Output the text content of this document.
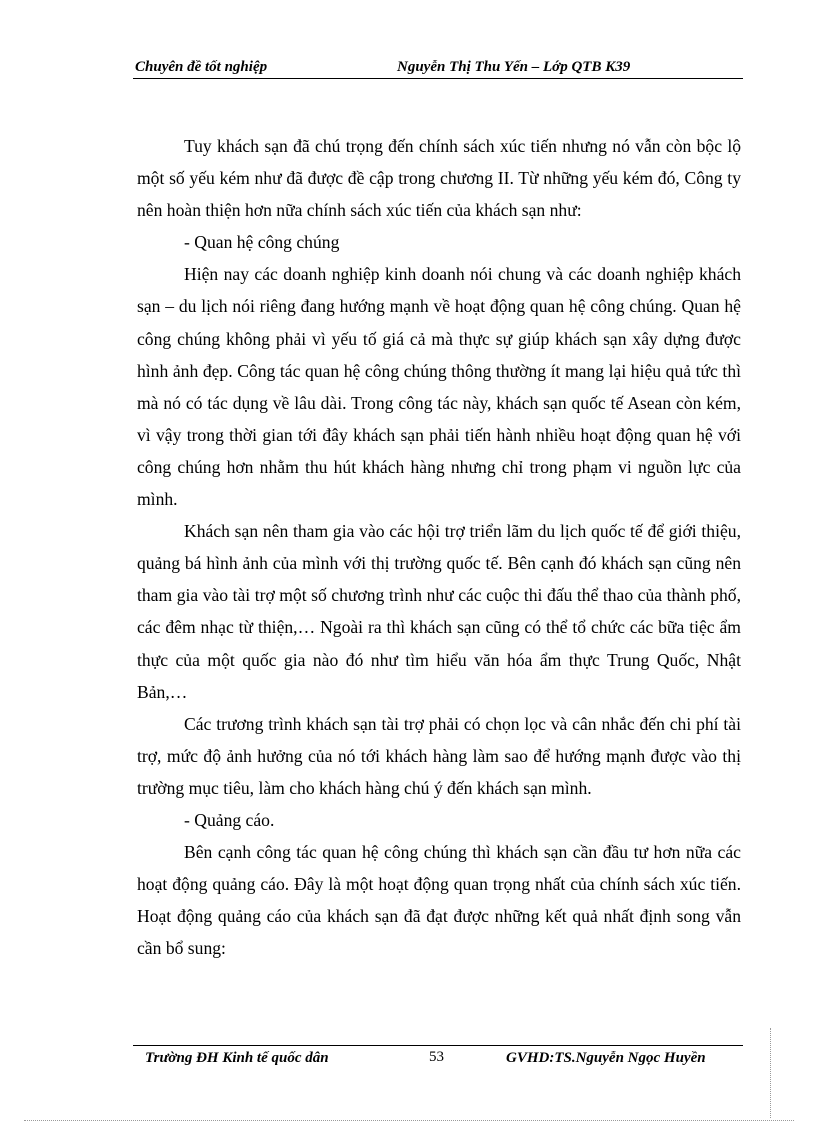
Chuyên đề tốt nghiệp	Nguyễn Thị Thu Yến – Lớp QTB K39

Tuy khách sạn đã chú trọng đến chính sách xúc tiến nhưng nó vẫn còn bộc lộ một số yếu kém như đã được đề cập trong chương II. Từ những yếu kém đó, Công ty nên hoàn thiện hơn nữa chính sách xúc tiến của khách sạn như:

- Quan hệ công chúng

Hiện nay các doanh nghiệp kinh doanh nói chung và các doanh nghiệp khách sạn – du lịch nói riêng đang hướng mạnh về hoạt động quan hệ công chúng. Quan hệ công chúng không phải vì yếu tố giá cả mà thực sự giúp khách sạn xây dựng được hình ảnh đẹp. Công tác quan hệ công chúng thông thường ít mang lại hiệu quả tức thì mà nó có tác dụng về lâu dài. Trong công tác này, khách sạn quốc tế Asean còn kém, vì vậy trong thời gian tới đây khách sạn phải tiến hành nhiều hoạt động quan hệ với công chúng hơn nhằm thu hút khách hàng nhưng chỉ trong phạm vi nguồn lực của mình.

Khách sạn nên tham gia vào các hội trợ triển lãm du lịch quốc tế để giới thiệu, quảng bá hình ảnh của mình với thị trường quốc tế. Bên cạnh đó khách sạn cũng nên tham gia vào tài trợ một số chương trình như các cuộc thi đấu thể thao của thành phố, các đêm nhạc từ thiện,… Ngoài ra thì khách sạn cũng có thể tổ chức các bữa tiệc ẩm thực của một quốc gia nào đó như tìm hiểu văn hóa ẩm thực Trung Quốc, Nhật Bản,…

Các trương trình khách sạn tài trợ phải có chọn lọc và cân nhắc đến chi phí tài trợ, mức độ ảnh hưởng của nó tới khách hàng làm sao để hướng mạnh được vào thị trường mục tiêu, làm cho khách hàng chú ý đến khách sạn mình.

- Quảng cáo.

Bên cạnh công tác quan hệ công chúng thì khách sạn cần đầu tư hơn nữa các hoạt động quảng cáo. Đây là một hoạt động quan trọng nhất của chính sách xúc tiến. Hoạt động quảng cáo của khách sạn đã đạt được những kết quả nhất định song vẫn cần bổ sung:

Trường ĐH Kinh tế quốc dân	53	GVHD:TS.Nguyễn Ngọc Huyền
